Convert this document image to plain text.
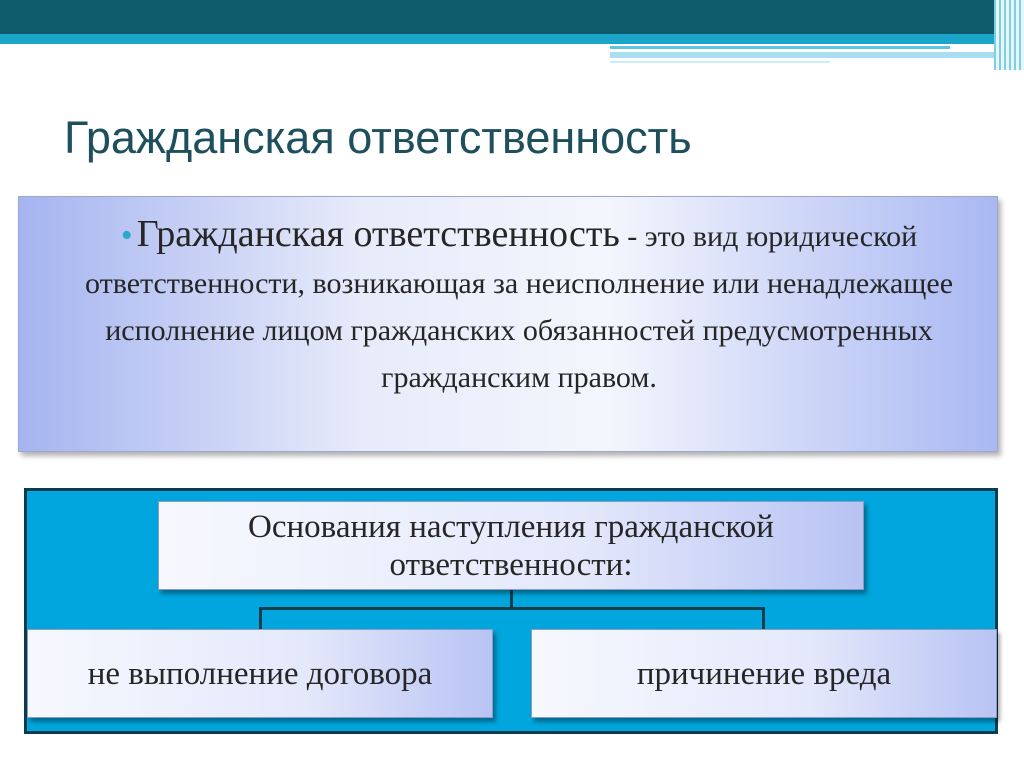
Гражданская ответственность
• Гражданская ответственность - это вид юридической ответственности, возникающая за неисполнение или ненадлежащее исполнение лицом гражданских обязанностей предусмотренных гражданским правом.
Основания наступления гражданской ответственности:
не выполнение договора	причинение вреда
